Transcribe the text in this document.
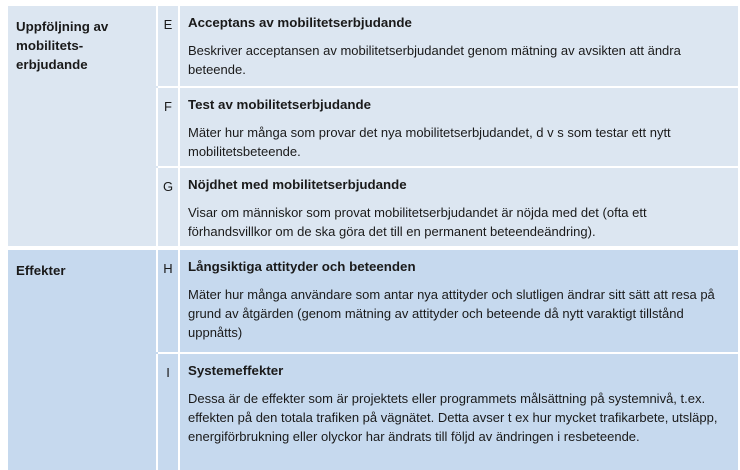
Uppföljning av mobilitets-erbjudande
E	Acceptans av mobilitetserbjudande

Beskriver acceptansen av mobilitetserbjudandet genom mätning av avsikten att ändra beteende.

F	Test av mobilitetserbjudande

Mäter hur många som provar det nya mobilitetserbjudandet, d v s som testar ett nytt mobilitetsbeteende.

G	Nöjdhet med mobilitetserbjudande

Visar om människor som provat mobilitetserbjudandet är nöjda med det (ofta ett förhandsvillkor om de ska göra det till en permanent beteendeändring).

Effekter	H	Långsiktiga attityder och beteenden

Mäter hur många användare som antar nya attityder och slutligen ändrar sitt sätt att resa på grund av åtgärden (genom mätning av attityder och beteende då nytt varaktigt tillstånd uppnåtts)

I	Systemeffekter

Dessa är de effekter som är projektets eller programmets målsättning på systemnivå, t.ex. effekten på den totala trafiken på vägnätet. Detta avser t ex hur mycket trafikarbete, utsläpp, energiförbrukning eller olyckor har ändrats till följd av ändringen i resbeteende.
